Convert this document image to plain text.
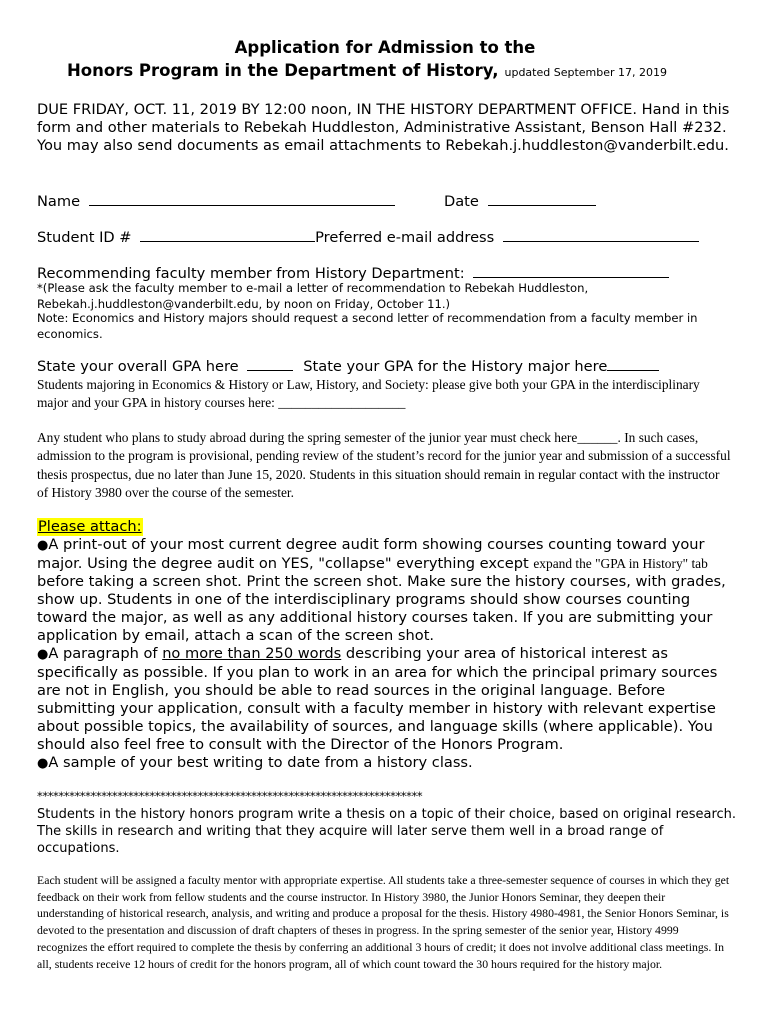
Application for Admission to the
Honors Program in the Department of History, updated September 17, 2019
DUE FRIDAY, OCT. 11, 2019 BY 12:00 noon, IN THE HISTORY DEPARTMENT OFFICE. Hand in this form and other materials to Rebekah Huddleston, Administrative Assistant, Benson Hall #232. You may also send documents as email attachments to Rebekah.j.huddleston@vanderbilt.edu.
Name	Date
Student ID #	Preferred e-mail address
Recommending faculty member from History Department:
*(Please ask the faculty member to e-mail a letter of recommendation to Rebekah Huddleston, Rebekah.j.huddleston@vanderbilt.edu, by noon on Friday, October 11.)
Note: Economics and History majors should request a second letter of recommendation from a faculty member in economics.
State your overall GPA here	State your GPA for the History major here
Students majoring in Economics & History or Law, History, and Society: please give both your GPA in the interdisciplinary major and your GPA in history courses here: ___________________
Any student who plans to study abroad during the spring semester of the junior year must check here______. In such cases, admission to the program is provisional, pending review of the student’s record for the junior year and submission of a successful thesis prospectus, due no later than June 15, 2020. Students in this situation should remain in regular contact with the instructor of History 3980 over the course of the semester.
Please attach:
●A print-out of your most current degree audit form showing courses counting toward your major. Using the degree audit on YES, "collapse" everything except expand the "GPA in History" tab before taking a screen shot. Print the screen shot. Make sure the history courses, with grades, show up. Students in one of the interdisciplinary programs should show courses counting toward the major, as well as any additional history courses taken. If you are submitting your application by email, attach a scan of the screen shot.
●A paragraph of no more than 250 words describing your area of historical interest as specifically as possible. If you plan to work in an area for which the principal primary sources are not in English, you should be able to read sources in the original language. Before submitting your application, consult with a faculty member in history with relevant expertise about possible topics, the availability of sources, and language skills (where applicable). You should also feel free to consult with the Director of the Honors Program.
●A sample of your best writing to date from a history class.
************************************************************************
Students in the history honors program write a thesis on a topic of their choice, based on original research. The skills in research and writing that they acquire will later serve them well in a broad range of occupations.
Each student will be assigned a faculty mentor with appropriate expertise. All students take a three-semester sequence of courses in which they get feedback on their work from fellow students and the course instructor. In History 3980, the Junior Honors Seminar, they deepen their understanding of historical research, analysis, and writing and produce a proposal for the thesis. History 4980-4981, the Senior Honors Seminar, is devoted to the presentation and discussion of draft chapters of theses in progress. In the spring semester of the senior year, History 4999 recognizes the effort required to complete the thesis by conferring an additional 3 hours of credit; it does not involve additional class meetings. In all, students receive 12 hours of credit for the honors program, all of which count toward the 30 hours required for the history major.
